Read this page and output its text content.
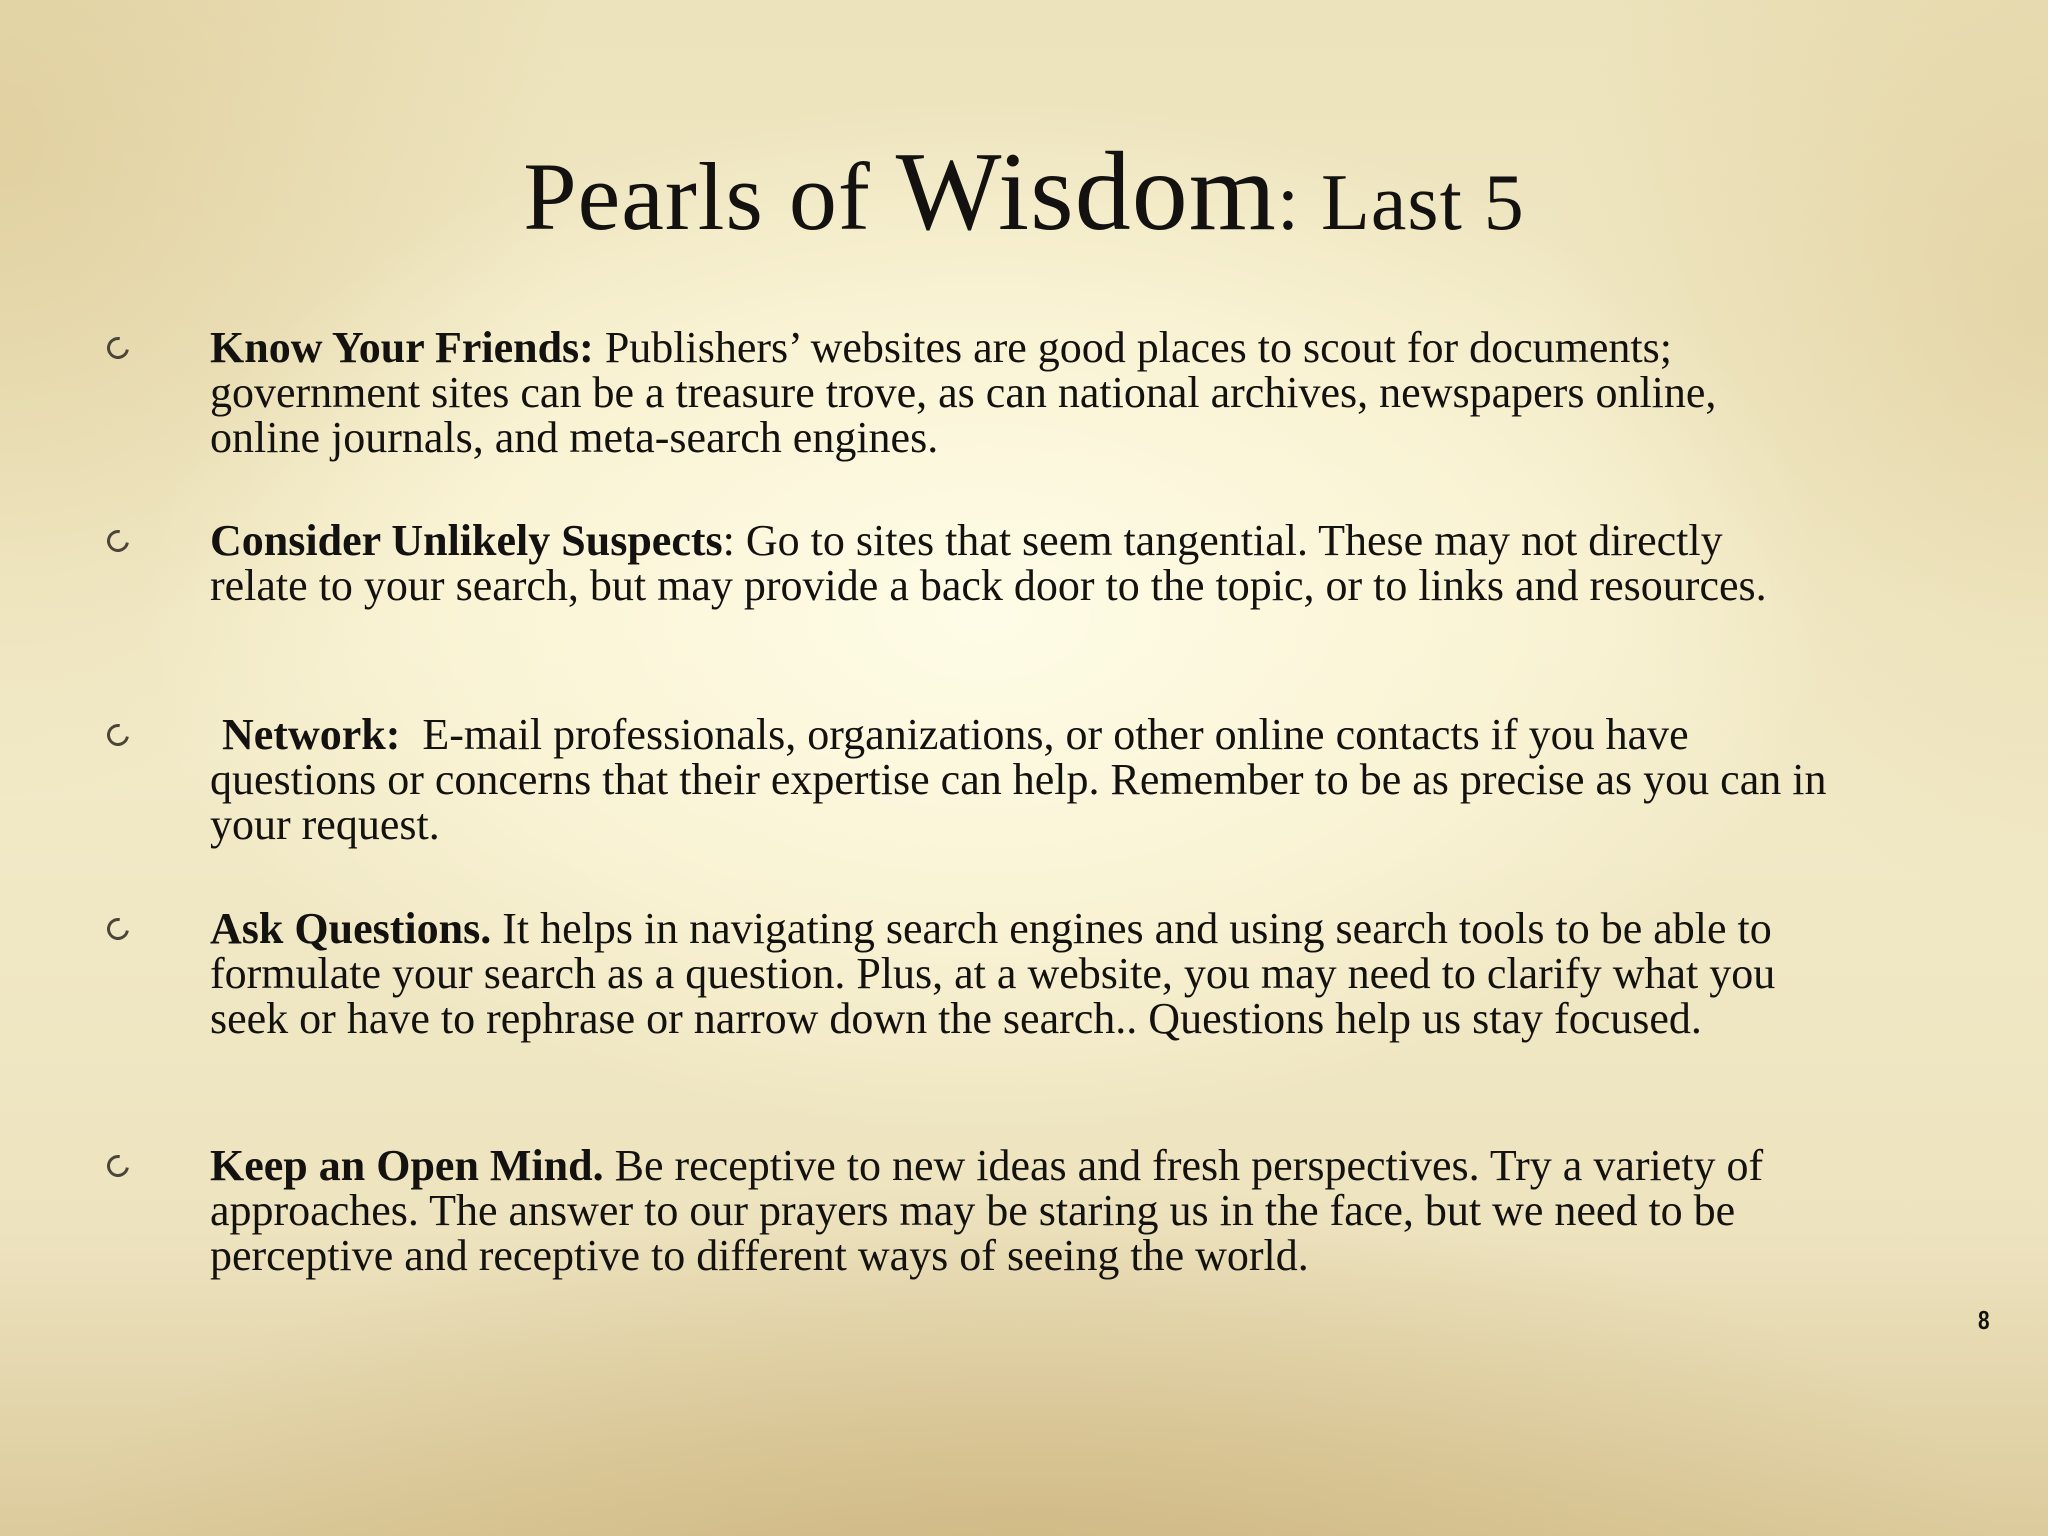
Pearls of Wisdom: Last 5
Know Your Friends: Publishers’ websites are good places to scout for documents; government sites can be a treasure trove, as can national archives, newspapers online, online journals, and meta-search engines.
Consider Unlikely Suspects: Go to sites that seem tangential. These may not directly relate to your search, but may provide a back door to the topic, or to links and resources.
Network:  E-mail professionals, organizations, or other online contacts if you have questions or concerns that their expertise can help. Remember to be as precise as you can in your request.
Ask Questions. It helps in navigating search engines and using search tools to be able to formulate your search as a question. Plus, at a website, you may need to clarify what you seek or have to rephrase or narrow down the search.. Questions help us stay focused.
Keep an Open Mind. Be receptive to new ideas and fresh perspectives. Try a variety of approaches. The answer to our prayers may be staring us in the face, but we need to be perceptive and receptive to different ways of seeing the world.
8
